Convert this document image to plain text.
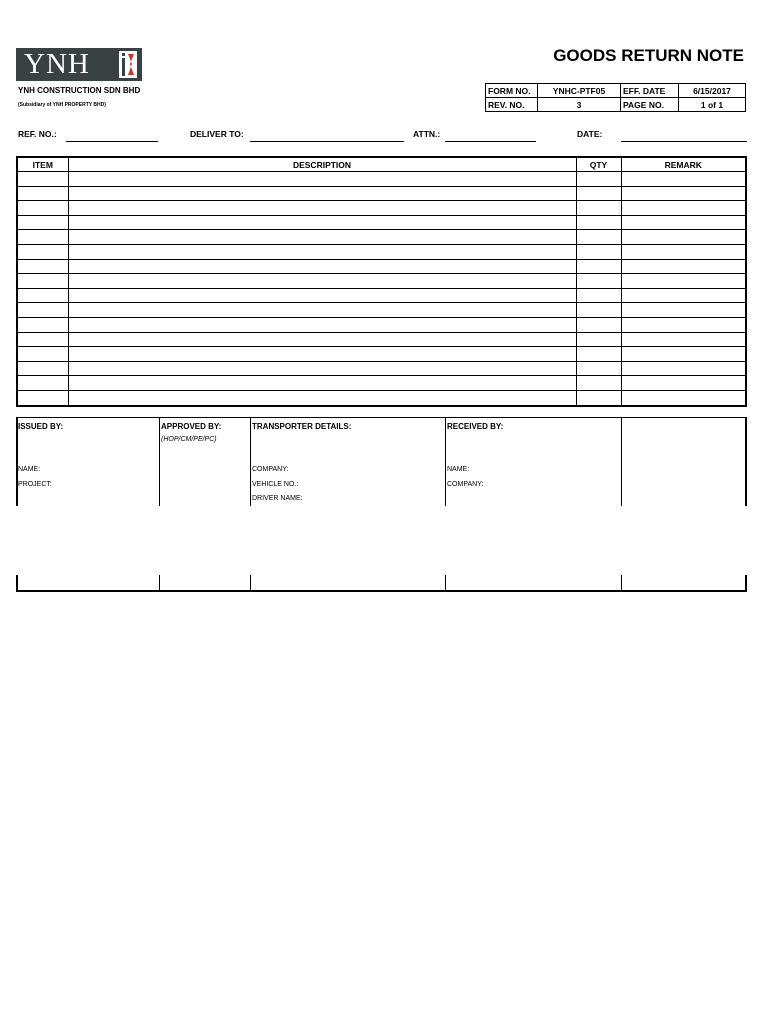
YNH
YNH CONSTRUCTION SDN BHD
(Subsidiary of YNH PROPERTY BHD)
GOODS RETURN NOTE
FORM NO.	YNHC-PTF05	EFF. DATE	6/15/2017
REV. NO.	3	PAGE NO.	1 of 1
REF. NO.:	DELIVER TO:	ATTN.:	DATE:
ITEM	DESCRIPTION	QTY	REMARK

ISSUED BY:
NAME:
PROJECT:
APPROVED BY:
(HOP/CM/PE/PC)
TRANSPORTER DETAILS:
COMPANY:
VEHICLE NO.:
DRIVER NAME:
RECEIVED BY:
NAME:
COMPANY:
